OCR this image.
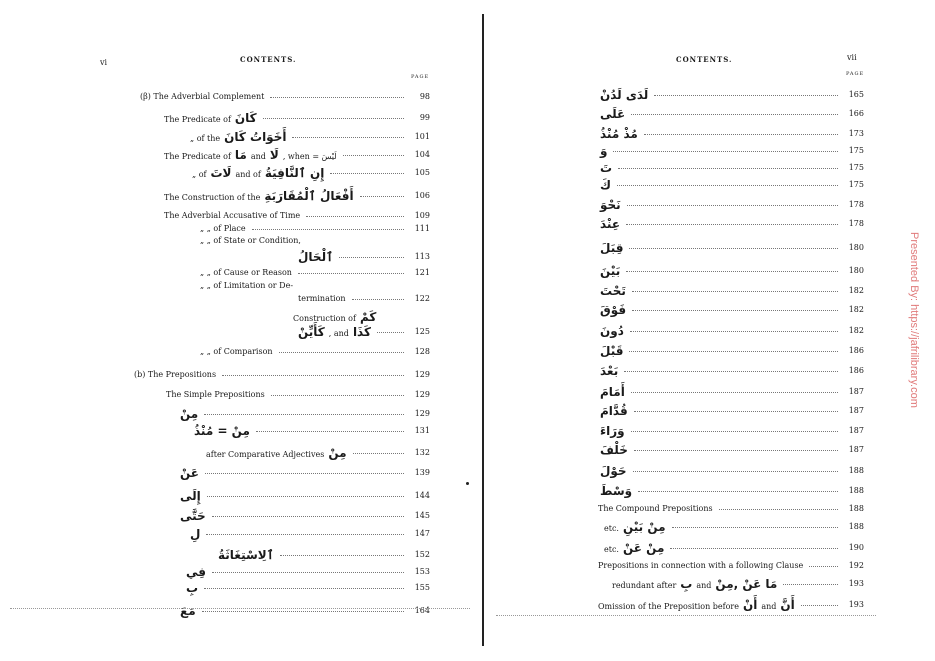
vi	CONTENTS.
PAGE
(β) The Adverbial Complement	98
The Predicate of كَانَ	99
„ of the أَخَوَاتُ كَانَ	101
The Predicate of مَا and لَا , when = لَيْسَ	104
„ of لَاتَ and of إِنِ ٱلنَّافِيَةُ	105
The Construction of the أَفْعَالُ ٱلْمُقَارَبَةِ	106
The Adverbial Accusative of Time	109
„ „ of Place	111
„ „ of State or Condition,
ٱلْحَالُ	113
„ „ of Cause or Reason	121
„ „ of Limitation or De-
termination	122
Construction of كَمْ
كَأَيِّنْ , and كَذَا	125
„ „ of Comparison	128
(b) The Prepositions	129
The Simple Prepositions	129
مِنْ	129
مِنْ = مُنْذُ	131
after Comparative Adjectives مِنْ	132
عَنْ	139
إِلَى	144
حَتَّى	145
لِ	147
ٱلِاسْتِغَاثَةُ	152
فِي	153
بِ	155
مَعَ	164
CONTENTS.	vii
PAGE
لَدَى لَدُنْ	165
عَلَى	166
مُذْ مُنْذُ	173
وَ	175
تَ	175
كَ	175
نَحْوَ	178
عِنْدَ	178
قِبَلَ	180
بَيْنَ	180
تَحْتَ	182
فَوْقَ	182
دُونَ	182
قَبْلَ	186
بَعْدَ	186
أَمَامَ	187
قُدَّامَ	187
وَرَاءَ	187
خَلْفَ	187
حَوْلَ	188
وَسْطَ	188
The Compound Prepositions	188
etc. مِنْ بَيْنِ	188
etc. مِنْ عَنْ	190
Prepositions in connection with a following Clause	192
redundant after بِ and عَنْ ,مِنْ مَا	193
Omission of the Preposition before أَنْ and أَنَّ	193
Presented By: https://jafrilibrary.com
